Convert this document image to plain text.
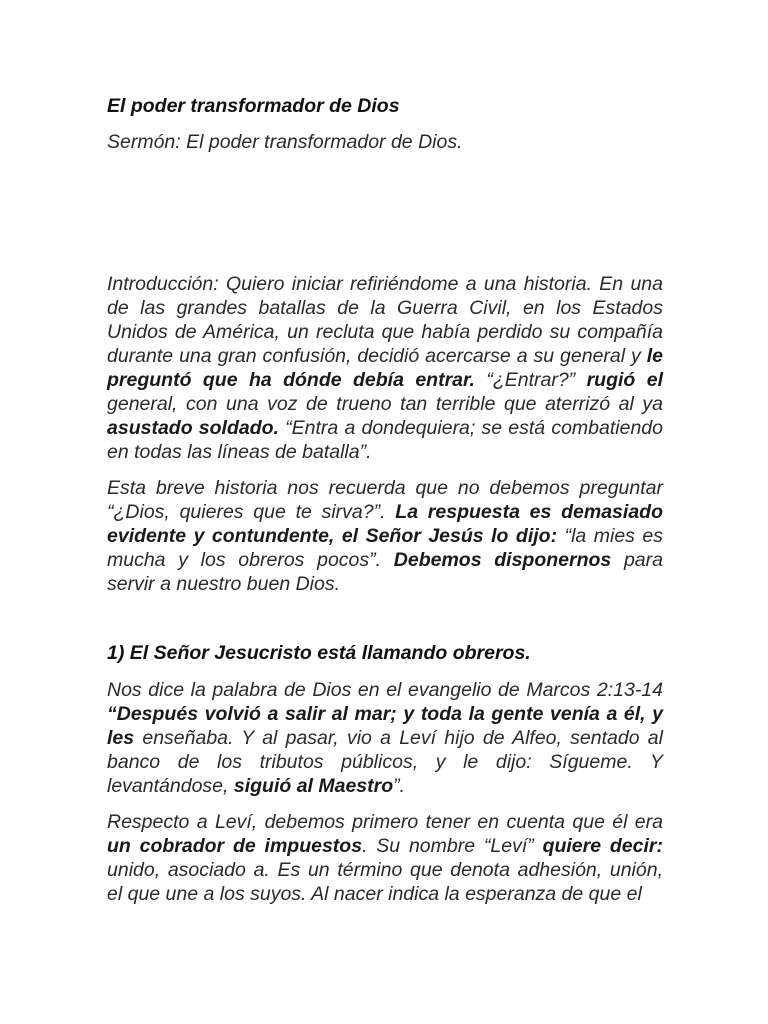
El poder transformador de Dios
Sermón: El poder transformador de Dios.

Introducción: Quiero iniciar refiriéndome a una historia. En una de las grandes batallas de la Guerra Civil, en los Estados Unidos de América, un recluta que había perdido su compañía durante una gran confusión, decidió acercarse a su general y le preguntó que ha dónde debía entrar. “¿Entrar?” rugió el general, con una voz de trueno tan terrible que aterrizó al ya asustado soldado. “Entra a dondequiera; se está combatiendo en todas las líneas de batalla”.

Esta breve historia nos recuerda que no debemos preguntar “¿Dios, quieres que te sirva?”. La respuesta es demasiado evidente y contundente, el Señor Jesús lo dijo: “la mies es mucha y los obreros pocos”. Debemos disponernos para servir a nuestro buen Dios.

1) El Señor Jesucristo está llamando obreros.

Nos dice la palabra de Dios en el evangelio de Marcos 2:13-14 “Después volvió a salir al mar; y toda la gente venía a él, y les enseñaba. Y al pasar, vio a Leví hijo de Alfeo, sentado al banco de los tributos públicos, y le dijo: Sígueme. Y levantándose, siguió al Maestro”.

Respecto a Leví, debemos primero tener en cuenta que él era un cobrador de impuestos. Su nombre “Leví” quiere decir: unido, asociado a. Es un término que denota adhesión, unión, el que une a los suyos. Al nacer indica la esperanza de que el
